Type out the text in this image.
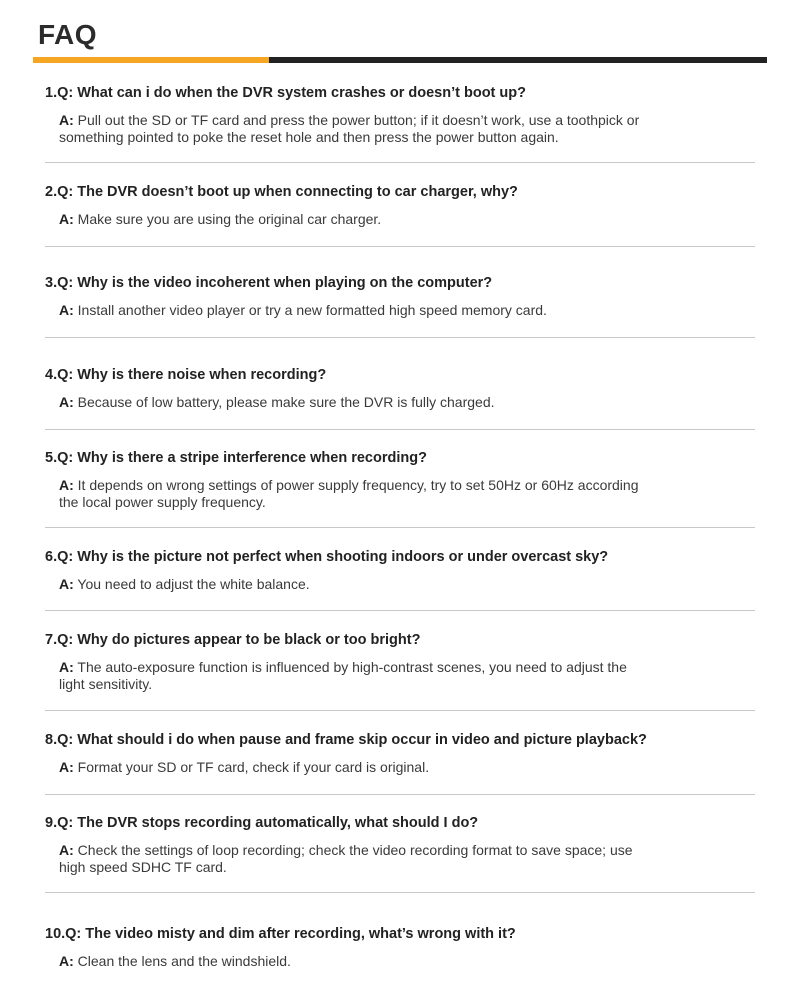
FAQ
1.Q: What can i do when the DVR system crashes or doesn’t boot up?
A: Pull out the SD or TF card and press the power button; if it doesn’t work, use a toothpick or
something pointed to poke the reset hole and then press the power button again.
2.Q: The DVR doesn’t boot up when connecting to car charger, why?
A: Make sure you are using the original car charger.
3.Q: Why is the video incoherent when playing on the computer?
A: Install another video player or try a new formatted high speed memory card.
4.Q: Why is there noise when recording?
A: Because of low battery, please make sure the DVR is fully charged.
5.Q: Why is there a stripe interference when recording?
A: It depends on wrong settings of power supply frequency, try to set 50Hz or 60Hz according
the local power supply frequency.
6.Q: Why is the picture not perfect when shooting indoors or under overcast sky?
A: You need to adjust the white balance.
7.Q: Why do pictures appear to be black or too bright?
A: The auto-exposure function is influenced by high-contrast scenes, you need to adjust the
light sensitivity.
8.Q: What should i do when pause and frame skip occur in video and picture playback?
A: Format your SD or TF card, check if your card is original.
9.Q: The DVR stops recording automatically, what should I do?
A: Check the settings of loop recording; check the video recording format to save space; use
high speed SDHC TF card.
10.Q: The video misty and dim after recording, what’s wrong with it?
A: Clean the lens and the windshield.
